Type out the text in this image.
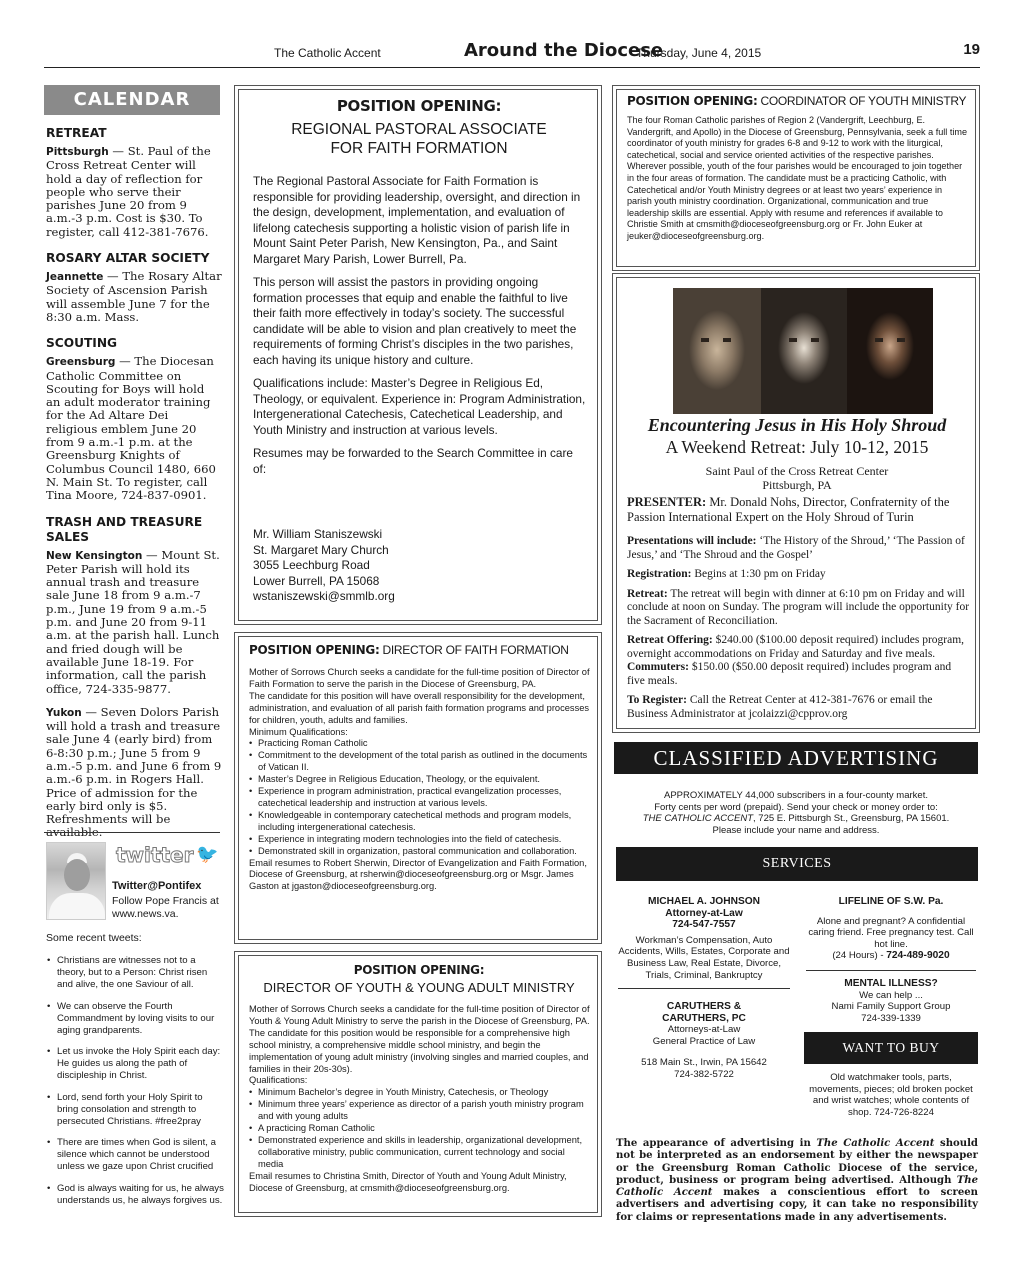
The Catholic Accent	Around the Diocese
Thursday, June 4, 2015	19
CALENDAR
RETREAT

Pittsburgh — St. Paul of the Cross Retreat Center will hold a day of reflection for people who serve their parishes June 20 from 9 a.m.-3 p.m. Cost is $30. To register, call 412-381-7676.

ROSARY ALTAR SOCIETY

Jeannette — The Rosary Altar Society of Ascension Parish will assemble June 7 for the 8:30 a.m. Mass.

SCOUTING

Greensburg — The Diocesan Catholic Committee on Scouting for Boys will hold an adult moderator training for the Ad Altare Dei religious emblem June 20 from 9 a.m.-1 p.m. at the Greensburg Knights of Columbus Council 1480, 660 N. Main St. To register, call Tina Moore, 724-837-0901.

TRASH AND TREASURE SALES

New Kensington — Mount St. Peter Parish will hold its annual trash and treasure sale June 18 from 9 a.m.-7 p.m., June 19 from 9 a.m.-5 p.m. and June 20 from 9-11 a.m. at the parish hall. Lunch and fried dough will be available June 18-19. For information, call the parish office, 724-335-9877.

Yukon — Seven Dolors Parish will hold a trash and treasure sale June 4 (early bird) from 6-8:30 p.m.; June 5 from 9 a.m.-5 p.m. and June 6 from 9 a.m.-6 p.m. in Rogers Hall. Price of admission for the early bird only is $5. Refreshments will be available.

twitter 🐦
Twitter@Pontifex
Follow Pope Francis at www.news.va.
Some recent tweets:
• Christians are witnesses not to a theory, but to a Person: Christ risen and alive, the one Saviour of all.
• We can observe the Fourth Commandment by loving visits to our aging grandparents.
• Let us invoke the Holy Spirit each day: He guides us along the path of discipleship in Christ.
• Lord, send forth your Holy Spirit to bring consolation and strength to persecuted Christians. #free2pray
• There are times when God is silent, a silence which cannot be understood unless we gaze upon Christ crucified
• God is always waiting for us, he always understands us, he always forgives us.
POSITION OPENING:
REGIONAL PASTORAL ASSOCIATE
FOR FAITH FORMATION

The Regional Pastoral Associate for Faith Formation is responsible for providing leadership, oversight, and direction in the design, development, implementation, and evaluation of lifelong catechesis supporting a holistic vision of parish life in Mount Saint Peter Parish, New Kensington, Pa., and Saint Margaret Mary Parish, Lower Burrell, Pa.

This person will assist the pastors in providing ongoing formation processes that equip and enable the faithful to live their faith more effectively in today’s society. The successful candidate will be able to vision and plan creatively to meet the requirements of forming Christ’s disciples in the two parishes, each having its unique history and culture.

Qualifications include: Master’s Degree in Religious Ed, Theology, or equivalent. Experience in: Program Administration, Intergenerational Catechesis, Catechetical Leadership, and Youth Ministry and instruction at various levels.

Resumes may be forwarded to the Search Committee in care of:

Mr. William Staniszewski
St. Margaret Mary Church
3055 Leechburg Road
Lower Burrell, PA 15068
wstaniszewski@smmlb.org
POSITION OPENING: DIRECTOR OF FAITH FORMATION
Mother of Sorrows Church seeks a candidate for the full-time position of Director of Faith Formation to serve the parish in the Diocese of Greensburg, PA.
The candidate for this position will have overall responsibility for the development, administration, and evaluation of all parish faith formation programs and processes for children, youth, adults and families.
Minimum Qualifications:
• Practicing Roman Catholic
• Commitment to the development of the total parish as outlined in the documents of Vatican II.
• Master’s Degree in Religious Education, Theology, or the equivalent.
• Experience in program administration, practical evangelization processes, catechetical leadership and instruction at various levels.
• Knowledgeable in contemporary catechetical methods and program models, including intergenerational catechesis.
• Experience in integrating modern technologies into the field of catechesis.
• Demonstrated skill in organization, pastoral communication and collaboration.
Email resumes to Robert Sherwin, Director of Evangelization and Faith Formation, Diocese of Greensburg, at rsherwin@dioceseofgreensburg.org or Msgr. James Gaston at jgaston@dioceseofgreensburg.org.
POSITION OPENING:
DIRECTOR OF YOUTH & YOUNG ADULT MINISTRY
Mother of Sorrows Church seeks a candidate for the full-time position of Director of Youth & Young Adult Ministry to serve the parish in the Diocese of Greensburg, PA.
The candidate for this position would be responsible for a comprehensive high school ministry, a comprehensive middle school ministry, and begin the implementation of young adult ministry (involving singles and married couples, and families in their 20s-30s).
Qualifications:
• Minimum Bachelor’s degree in Youth Ministry, Catechesis, or Theology
• Minimum three years’ experience as director of a parish youth ministry program and with young adults
• A practicing Roman Catholic
• Demonstrated experience and skills in leadership, organizational development, collaborative ministry, public communication, current technology and social media
Email resumes to Christina Smith, Director of Youth and Young Adult Ministry, Diocese of Greensburg, at cmsmith@dioceseofgreensburg.org.
POSITION OPENING: COORDINATOR OF YOUTH MINISTRY
The four Roman Catholic parishes of Region 2 (Vandergrift, Leechburg, E. Vandergrift, and Apollo) in the Diocese of Greensburg, Pennsylvania, seek a full time coordinator of youth ministry for grades 6-8 and 9-12 to work with the liturgical, catechetical, social and service oriented activities of the respective parishes. Wherever possible, youth of the four parishes would be encouraged to join together in the four areas of formation. The candidate must be a practicing Catholic, with Catechetical and/or Youth Ministry degrees or at least two years’ experience in parish youth ministry coordination. Organizational, communication and true leadership skills are essential. Apply with resume and references if available to Christie Smith at cmsmith@dioceseofgreensburg.org or Fr. John Euker at jeuker@dioceseofgreensburg.org.
Encountering Jesus in His Holy Shroud
A Weekend Retreat: July 10-12, 2015
Saint Paul of the Cross Retreat Center
Pittsburgh, PA
PRESENTER: Mr. Donald Nohs, Director, Confraternity of the Passion International Expert on the Holy Shroud of Turin

Presentations will include: ‘The History of the Shroud,’ ‘The Passion of Jesus,’ and ‘The Shroud and the Gospel’

Registration: Begins at 1:30 pm on Friday

Retreat: The retreat will begin with dinner at 6:10 pm on Friday and will conclude at noon on Sunday. The program will include the opportunity for the Sacrament of Reconciliation.

Retreat Offering: $240.00 ($100.00 deposit required) includes program, overnight accommodations on Friday and Saturday and five meals.

Commuters: $150.00 ($50.00 deposit required) includes program and five meals.

To Register: Call the Retreat Center at 412-381-7676 or email the Business Administrator at jcolaizzi@cpprov.org

CLASSIFIED ADVERTISING
APPROXIMATELY 44,000 subscribers in a four-county market.
Forty cents per word (prepaid). Send your check or money order to:
THE CATHOLIC ACCENT, 725 E. Pittsburgh St., Greensburg, PA 15601.
Please include your name and address.
SERVICES
MICHAEL A. JOHNSON
Attorney-at-Law
724-547-7557
Workman’s Compensation, Auto Accidents, Wills, Estates, Corporate and Business Law, Real Estate, Divorce, Trials, Criminal, Bankruptcy
LIFELINE OF S.W. Pa.
Alone and pregnant? A confidential caring friend. Free pregnancy test. Call hot line.
(24 Hours) - 724-489-9020
CARUTHERS &
CARUTHERS, PC
Attorneys-at-Law
General Practice of Law
518 Main St., Irwin, PA 15642
724-382-5722
MENTAL ILLNESS?
We can help ...
Nami Family Support Group
724-339-1339
WANT TO BUY
Old watchmaker tools, parts, movements, pieces; old broken pocket and wrist watches; whole contents of shop. 724-726-8224
The appearance of advertising in The Catholic Accent should not be interpreted as an endorsement by either the newspaper or the Greensburg Roman Catholic Diocese of the service, product, business or program being advertised. Although The Catholic Accent makes a conscientious effort to screen advertisers and advertising copy, it can take no responsibility for claims or representations made in any advertisements.
